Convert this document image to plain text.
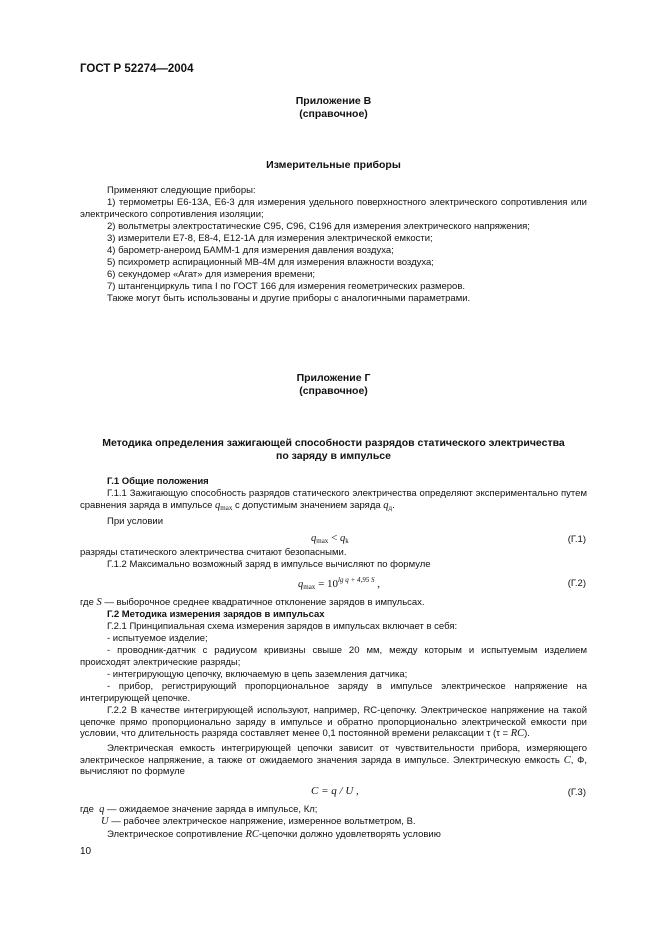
ГОСТ Р 52274—2004
Приложение В
(справочное)
Измерительные приборы
Применяют следующие приборы:
1) термометры Е6-13А, Е6-3 для измерения удельного поверхностного электрического сопротивления или электрического сопротивления изоляции;
2) вольтметры электростатические С95, С96, С196 для измерения электрического напряжения;
3) измерители Е7-8, Е8-4, Е12-1А для измерения электрической емкости;
4) барометр-анероид БАММ-1 для измерения давления воздуха;
5) психрометр аспирационный МВ-4М для измерения влажности воздуха;
6) секундомер «Агат» для измерения времени;
7) штангенциркуль типа I по ГОСТ 166 для измерения геометрических размеров.
Также могут быть использованы и другие приборы с аналогичными параметрами.
Приложение Г
(справочное)
Методика определения зажигающей способности разрядов статического электричества
по заряду в импульсе
Г.1 Общие положения
Г.1.1 Зажигающую способность разрядов статического электричества определяют экспериментально путем сравнения заряда в импульсе $q_{max}$ с допустимым значением заряда $q_д$.
При условии
$q_{max} < q_k$	(Г.1)
разряды статического электричества считают безопасными.
Г.1.2 Максимально возможный заряд в импульсе вычисляют по формуле
$q_{max} = 10^{lg q + 4,95 S}$ ,	(Г.2)
где S — выборочное среднее квадратичное отклонение зарядов в импульсах.
Г.2 Методика измерения зарядов в импульсах
Г.2.1 Принципиальная схема измерения зарядов в импульсах включает в себя:
- испытуемое изделие;
- проводник-датчик с радиусом кривизны свыше 20 мм, между которым и испытуемым изделием происходят электрические разряды;
- интегрирующую цепочку, включаемую в цепь заземления датчика;
- прибор, регистрирующий пропорциональное заряду в импульсе электрическое напряжение на интегрирующей цепочке.
Г.2.2 В качестве интегрирующей используют, например, RC-цепочку. Электрическое напряжение на такой цепочке прямо пропорционально заряду в импульсе и обратно пропорционально электрической емкости при условии, что длительность разряда составляет менее 0,1 постоянной времени релаксации τ (τ = RC).
Электрическая емкость интегрирующей цепочки зависит от чувствительности прибора, измеряющего электрическое напряжение, а также от ожидаемого значения заряда в импульсе. Электрическую емкость C, Ф, вычисляют по формуле
C = q / U ,	(Г.3)
где q — ожидаемое значение заряда в импульсе, Кл;
U — рабочее электрическое напряжение, измеренное вольтметром, В.
Электрическое сопротивление RC-цепочки должно удовлетворять условию
10
